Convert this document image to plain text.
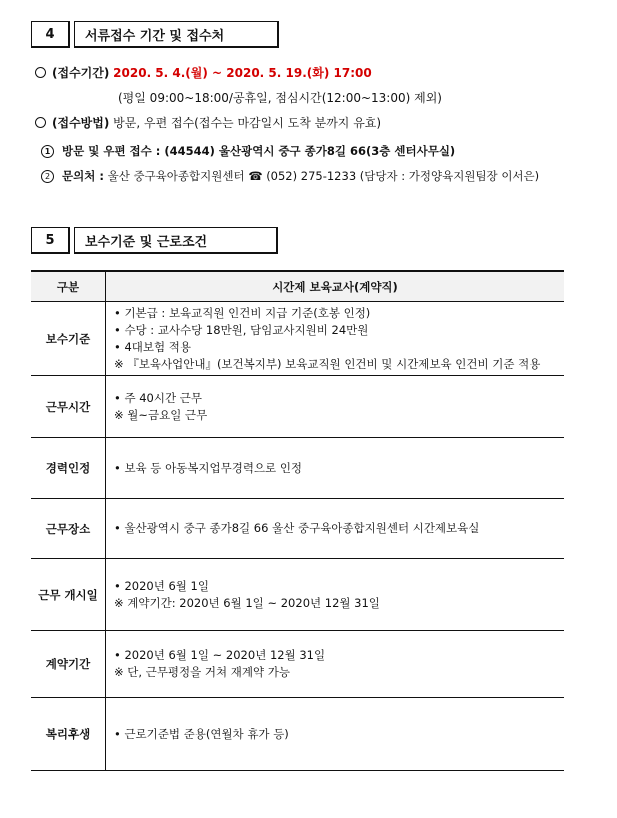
4	서류접수 기간 및 접수처
(접수기간) 2020. 5. 4.(월) ~ 2020. 5. 19.(화) 17:00
(평일 09:00~18:00/공휴일, 점심시간(12:00~13:00) 제외)
(접수방법) 방문, 우편 접수(접수는 마감일시 도착 분까지 유효)
1 방문 및 우편 접수 : (44544) 울산광역시 중구 종가8길 66(3층 센터사무실)
2 문의처 : 울산 중구육아종합지원센터 ☎ (052) 275-1233 (담당자 : 가정양육지원팀장 이서은)
5	보수기준 및 근로조건
구분	시간제 보육교사(계약직)
보수기준	• 기본급 : 보육교직원 인건비 지급 기준(호봉 인정)
• 수당 : 교사수당 18만원, 담임교사지원비 24만원
• 4대보험 적용
※ 『보육사업안내』(보건복지부) 보육교직원 인건비 및 시간제보육 인건비 기준 적용

근무시간	• 주 40시간 근무
※ 월~금요일 근무

경력인정	• 보육 등 아동복지업무경력으로 인정

근무장소	• 울산광역시 중구 종가8길 66 울산 중구육아종합지원센터 시간제보육실

근무 개시일	• 2020년 6월 1일
※ 계약기간: 2020년 6월 1일 ~ 2020년 12월 31일

계약기간	• 2020년 6월 1일 ~ 2020년 12월 31일
※ 단, 근무평정을 거쳐 재계약 가능

복리후생	• 근로기준법 준용(연월차 휴가 등)
